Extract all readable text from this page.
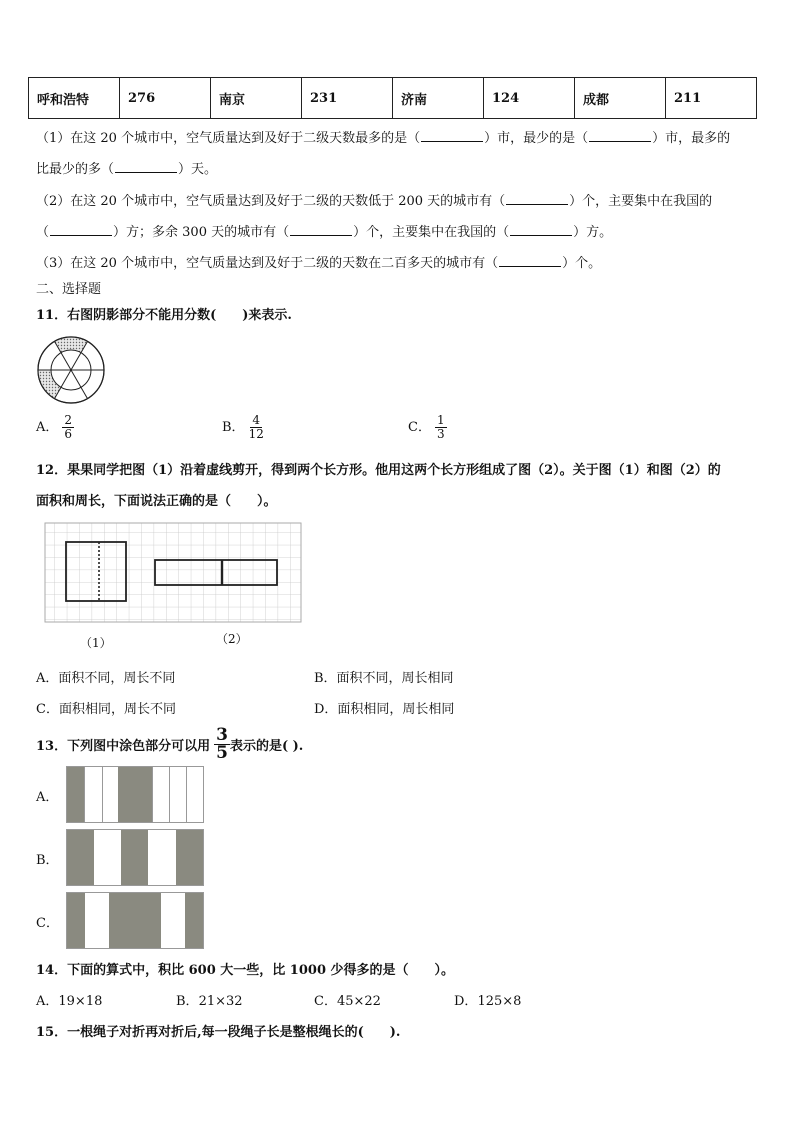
呼和浩特	276	南京	231	济南	124	成都	211
（1）在这 20 个城市中，空气质量达到及好于二级天数最多的是（	）市，最少的是（	）市，最多的
比最少的多（	）天。
（2）在这 20 个城市中，空气质量达到及好于二级的天数低于 200 天的城市有（	）个，主要集中在我国的
（	）方；多余 300 天的城市有（	）个，主要集中在我国的（	）方。
（3）在这 20 个城市中，空气质量达到及好于二级的天数在二百多天的城市有（	）个。
二、选择题
11．右图阴影部分不能用分数(　　)来表示.
A． $\frac{2}{6}$	B． $\frac{4}{12}$	C． $\frac{1}{3}$
12．果果同学把图（1）沿着虚线剪开，得到两个长方形。他用这两个长方形组成了图（2）。关于图（1）和图（2）的
面积和周长，下面说法正确的是（　　）。
（1）	（2）
A．面积不同，周长不同	B．面积不同，周长相同
C．面积相同，周长不同	D．面积相同，周长相同
13．下列图中涂色部分可以用 $\frac{3}{5}$ 表示的是( ).
A．
B．
C．
14．下面的算式中，积比 600 大一些，比 1000 少得多的是（　　）。
A．19×18	B．21×32	C．45×22	D．125×8
15．一根绳子对折再对折后,每一段绳子长是整根绳长的(　　).
